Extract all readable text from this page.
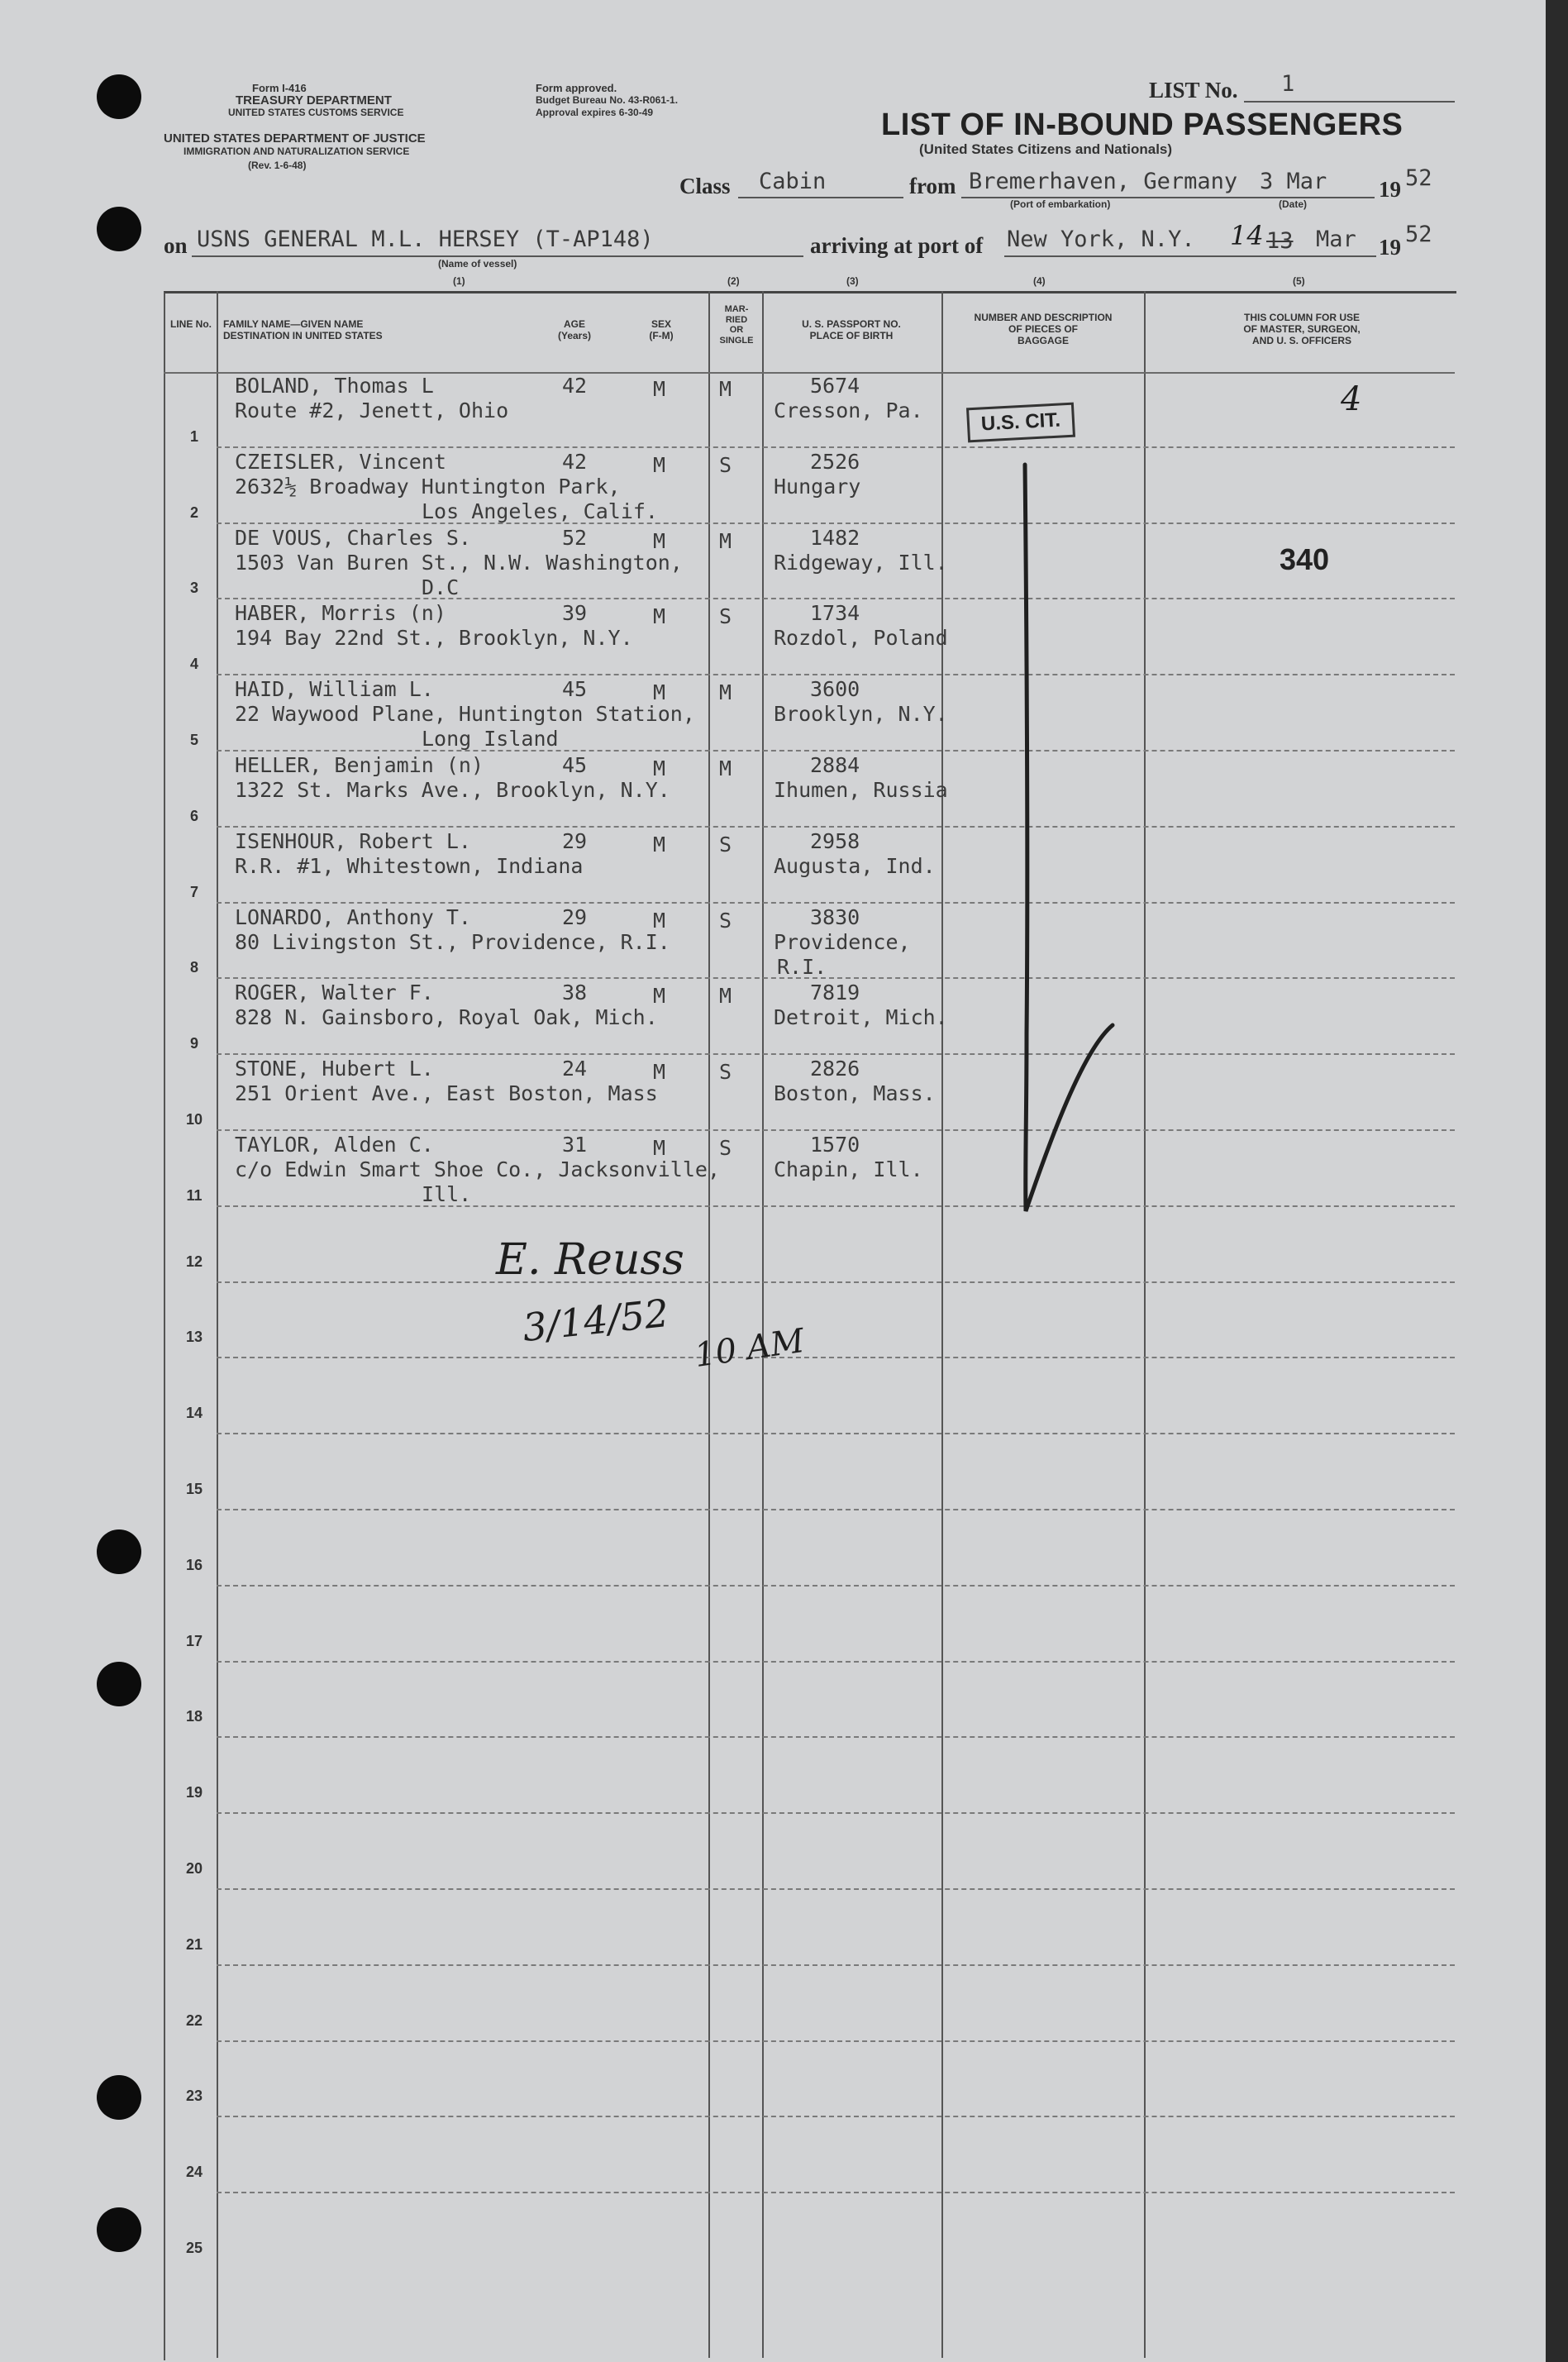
Form I-416
TREASURY DEPARTMENT
UNITED STATES CUSTOMS SERVICE
Form approved.
Budget Bureau No. 43-R061-1.
Approval expires 6-30-49
UNITED STATES DEPARTMENT OF JUSTICE
IMMIGRATION AND NATURALIZATION SERVICE
(Rev. 1-6-48)
LIST No. 1
LIST OF IN-BOUND PASSENGERS
(United States Citizens and Nationals)
Class Cabin	from Bremerhaven, Germany 3 Mar 19 52
(Port of embarkation)	(Date)
on USNS GENERAL M.L. HERSEY (T-AP148)
(Name of vessel)
arriving at port of New York, N.Y. 14 13 Mar 19 52
(1)	(2)	(3)	(4)	(5)
LINE No. FAMILY NAME—GIVEN NAME
DESTINATION IN UNITED STATES
AGE
(Years)
SEX
(F-M)
MAR-
RIED
OR
SINGLE
U. S. PASSPORT NO.
PLACE OF BIRTH
NUMBER AND DESCRIPTION
OF PIECES OF
BAGGAGE
THIS COLUMN FOR USE
OF MASTER, SURGEON,
AND U. S. OFFICERS
1
BOLAND, Thomas L
Route #2, Jenett, Ohio
42	M	M	5674
Cresson, Pa.
2
CZEISLER, Vincent
2632½ Broadway Huntington Park,
Los Angeles, Calif.
42	M	S	2526
Hungary
3
DE VOUS, Charles S.
1503 Van Buren St., N.W. Washington,
D.C
52	M	M	1482
Ridgeway, Ill.
4
HABER, Morris (n)
194 Bay 22nd St., Brooklyn, N.Y.
39	M	S	1734
Rozdol, Poland
5
HAID, William L.
22 Waywood Plane, Huntington Station,
Long Island
45	M	M	3600
Brooklyn, N.Y.
6
HELLER, Benjamin (n)
1322 St. Marks Ave., Brooklyn, N.Y.
45	M	M	2884
Ihumen, Russia
7
ISENHOUR, Robert L.
R.R. #1, Whitestown, Indiana
29	M	S	2958
Augusta, Ind.
8
LONARDO, Anthony T.
80 Livingston St., Providence, R.I.
29	M	S	3830
Providence,
R.I.
9
ROGER, Walter F.
828 N. Gainsboro, Royal Oak, Mich.
38	M	M	7819
Detroit, Mich.
10
STONE, Hubert L.
251 Orient Ave., East Boston, Mass
24	M	S	2826
Boston, Mass.
11
TAYLOR, Alden C.
c/o Edwin Smart Shoe Co., Jacksonville,
Ill.
31	M	S	1570
Chapin, Ill.
12
13
14
15
16
17
18
19
20
21
22
23
24
25
U.S. CIT.
4
340
E. Reuss
3/14/52 10 AM
